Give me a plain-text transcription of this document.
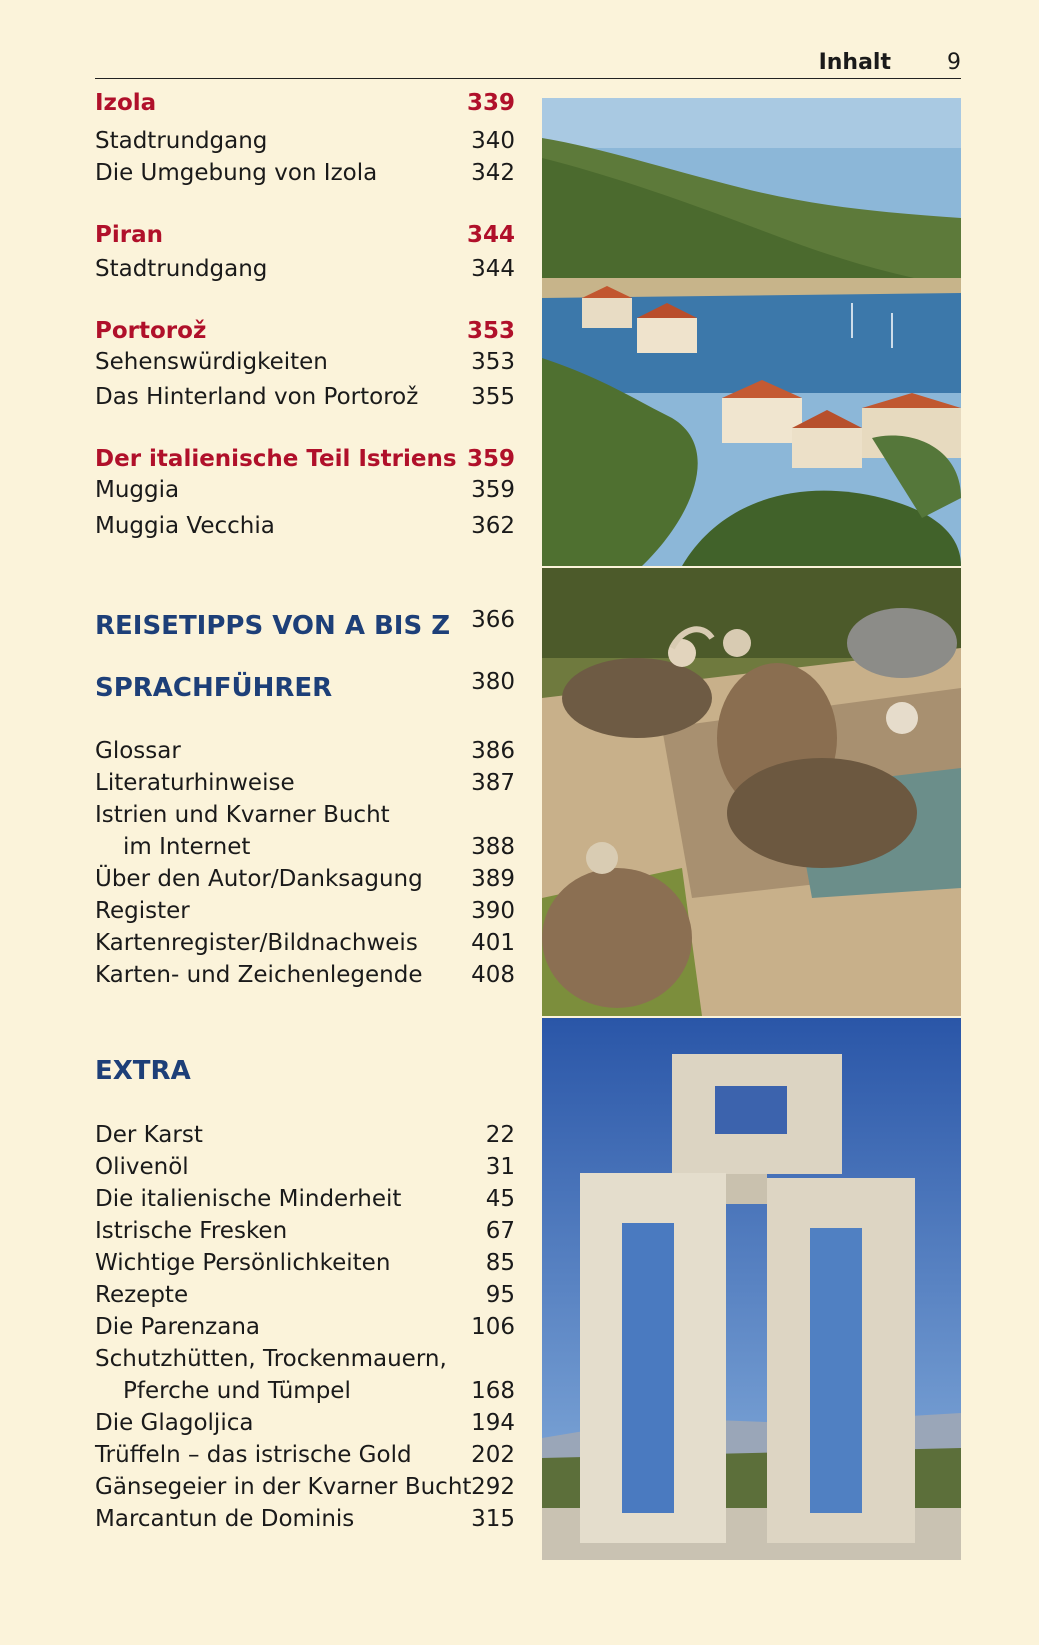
Inhalt	9
Izola	339
Stadtrundgang	340
Die Umgebung von Izola	342
Piran	344
Stadtrundgang	344
Portorož	353
Sehenswürdigkeiten	353
Das Hinterland von Portorož 355
Der italienische Teil Istriens 359
Muggia	359
Muggia Vecchia	362
REISETIPPS VON A BIS Z 366
SPRACHFÜHRER	380
Glossar	386
Literaturhinweise	387
Istrien und Kvarner Bucht
im Internet	388
Über den Autor/Danksagung 389
Register	390
Kartenregister/Bildnachweis 401
Karten- und Zeichenlegende 408
EXTRA
Der Karst	22
Olivenöl	31
Die italienische Minderheit	45
Istrische Fresken	67
Wichtige Persönlichkeiten	85
Rezepte	95
Die Parenzana	106
Schutzhütten, Trockenmauern,
Pferche und Tümpel	168
Die Glagoljica	194
Trüffeln – das istrische Gold	202
Gänsegeier in der Kvarner Bucht 292
Marcantun de Dominis	315
